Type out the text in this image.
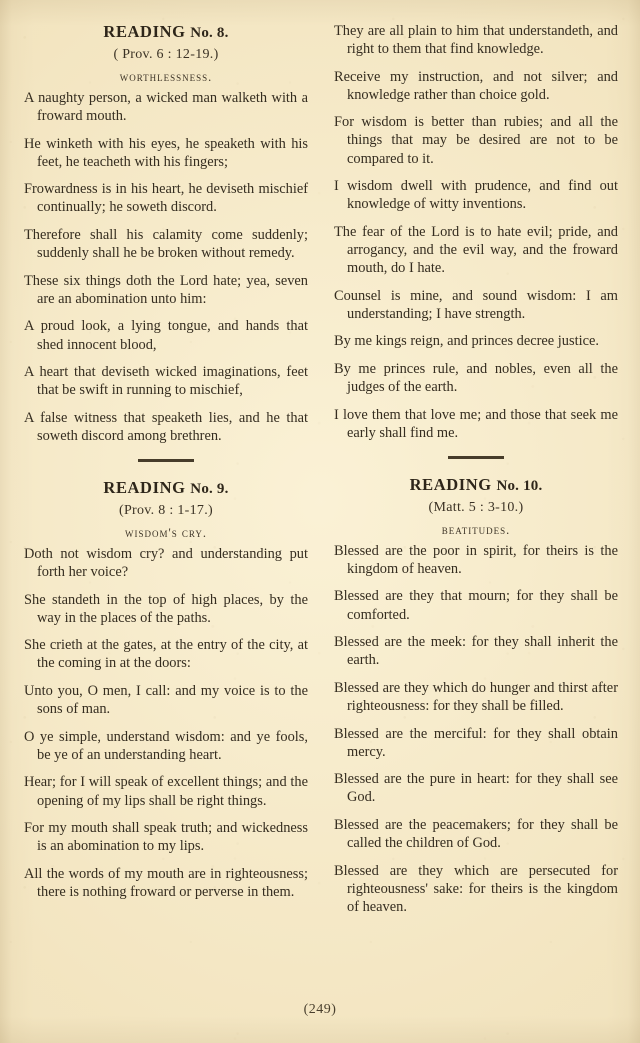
READING No. 8.
( Prov. 6 : 12-19.)
worthlessness.

A naughty person, a wicked man walketh with a froward mouth.

He winketh with his eyes, he speaketh with his feet, he teacheth with his fingers;

Frowardness is in his heart, he deviseth mischief continually; he soweth discord.

Therefore shall his calamity come suddenly; suddenly shall he be broken without remedy.

These six things doth the Lord hate; yea, seven are an abomination unto him:

A proud look, a lying tongue, and hands that shed innocent blood,

A heart that deviseth wicked imaginations, feet that be swift in running to mischief,

A false witness that speaketh lies, and he that soweth discord among brethren.

READING No. 9.
(Prov. 8 : 1-17.)
wisdom's cry.

Doth not wisdom cry? and understanding put forth her voice?

She standeth in the top of high places, by the way in the places of the paths.

She crieth at the gates, at the entry of the city, at the coming in at the doors:

Unto you, O men, I call: and my voice is to the sons of man.

O ye simple, understand wisdom: and ye fools, be ye of an understanding heart.

Hear; for I will speak of excellent things; and the opening of my lips shall be right things.

For my mouth shall speak truth; and wickedness is an abomination to my lips.

All the words of my mouth are in righteousness; there is nothing froward or perverse in them.

They are all plain to him that understandeth, and right to them that find knowledge.

Receive my instruction, and not silver; and knowledge rather than choice gold.

For wisdom is better than rubies; and all the things that may be desired are not to be compared to it.

I wisdom dwell with prudence, and find out knowledge of witty inventions.

The fear of the Lord is to hate evil; pride, and arrogancy, and the evil way, and the froward mouth, do I hate.

Counsel is mine, and sound wisdom: I am understanding; I have strength.

By me kings reign, and princes decree justice.

By me princes rule, and nobles, even all the judges of the earth.

I love them that love me; and those that seek me early shall find me.

READING No. 10.
(Matt. 5 : 3-10.)
beatitudes.

Blessed are the poor in spirit, for theirs is the kingdom of heaven.

Blessed are they that mourn; for they shall be comforted.

Blessed are the meek: for they shall inherit the earth.

Blessed are they which do hunger and thirst after righteousness: for they shall be filled.

Blessed are the merciful: for they shall obtain mercy.

Blessed are the pure in heart: for they shall see God.

Blessed are the peacemakers; for they shall be called the children of God.

Blessed are they which are persecuted for righteousness' sake: for theirs is the kingdom of heaven.

(249)
